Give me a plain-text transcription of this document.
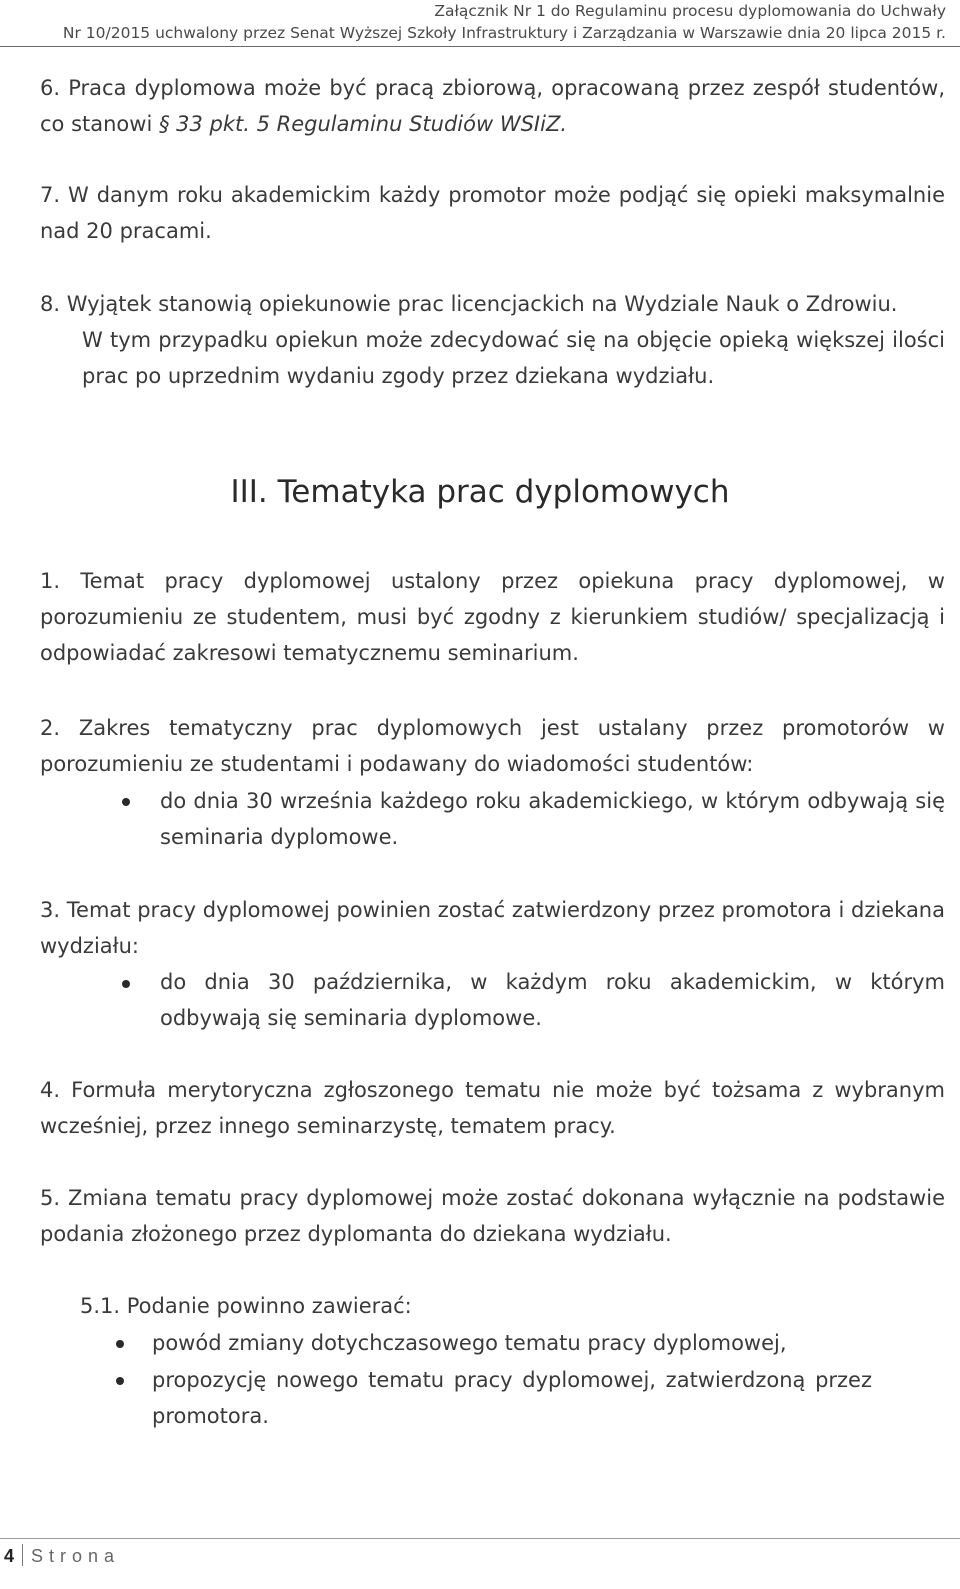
Załącznik Nr 1 do Regulaminu procesu dyplomowania do Uchwały
Nr 10/2015 uchwalony przez Senat Wyższej Szkoły Infrastruktury i Zarządzania w Warszawie dnia 20 lipca 2015 r.
6. Praca dyplomowa może być pracą zbiorową, opracowaną przez zespół studentów, co stanowi § 33 pkt. 5 Regulaminu Studiów WSIiZ.
7. W danym roku akademickim każdy promotor może podjąć się opieki maksymalnie nad 20 pracami.
8. Wyjątek stanowią opiekunowie prac licencjackich na Wydziale Nauk o Zdrowiu.
W tym przypadku opiekun może zdecydować się na objęcie opieką większej ilości prac po uprzednim wydaniu zgody przez dziekana wydziału.
III. Tematyka prac dyplomowych
1. Temat pracy dyplomowej ustalony przez opiekuna pracy dyplomowej, w porozumieniu ze studentem, musi być zgodny z kierunkiem studiów/ specjalizacją i odpowiadać zakresowi tematycznemu seminarium.
2. Zakres tematyczny prac dyplomowych jest ustalany przez promotorów w porozumieniu ze studentami i podawany do wiadomości studentów:
do dnia 30 września każdego roku akademickiego, w którym odbywają się seminaria dyplomowe.
3. Temat pracy dyplomowej powinien zostać zatwierdzony przez promotora i dziekana wydziału:
do dnia 30 października, w każdym roku akademickim, w którym odbywają się seminaria dyplomowe.
4. Formuła merytoryczna zgłoszonego tematu nie może być tożsama z wybranym wcześniej, przez innego seminarzystę, tematem pracy.
5. Zmiana tematu pracy dyplomowej może zostać dokonana wyłącznie na podstawie podania złożonego przez dyplomanta do dziekana wydziału.
5.1. Podanie powinno zawierać:
powód zmiany dotychczasowego tematu pracy dyplomowej,
propozycję nowego tematu pracy dyplomowej, zatwierdzoną przez promotora.
4 Strona
